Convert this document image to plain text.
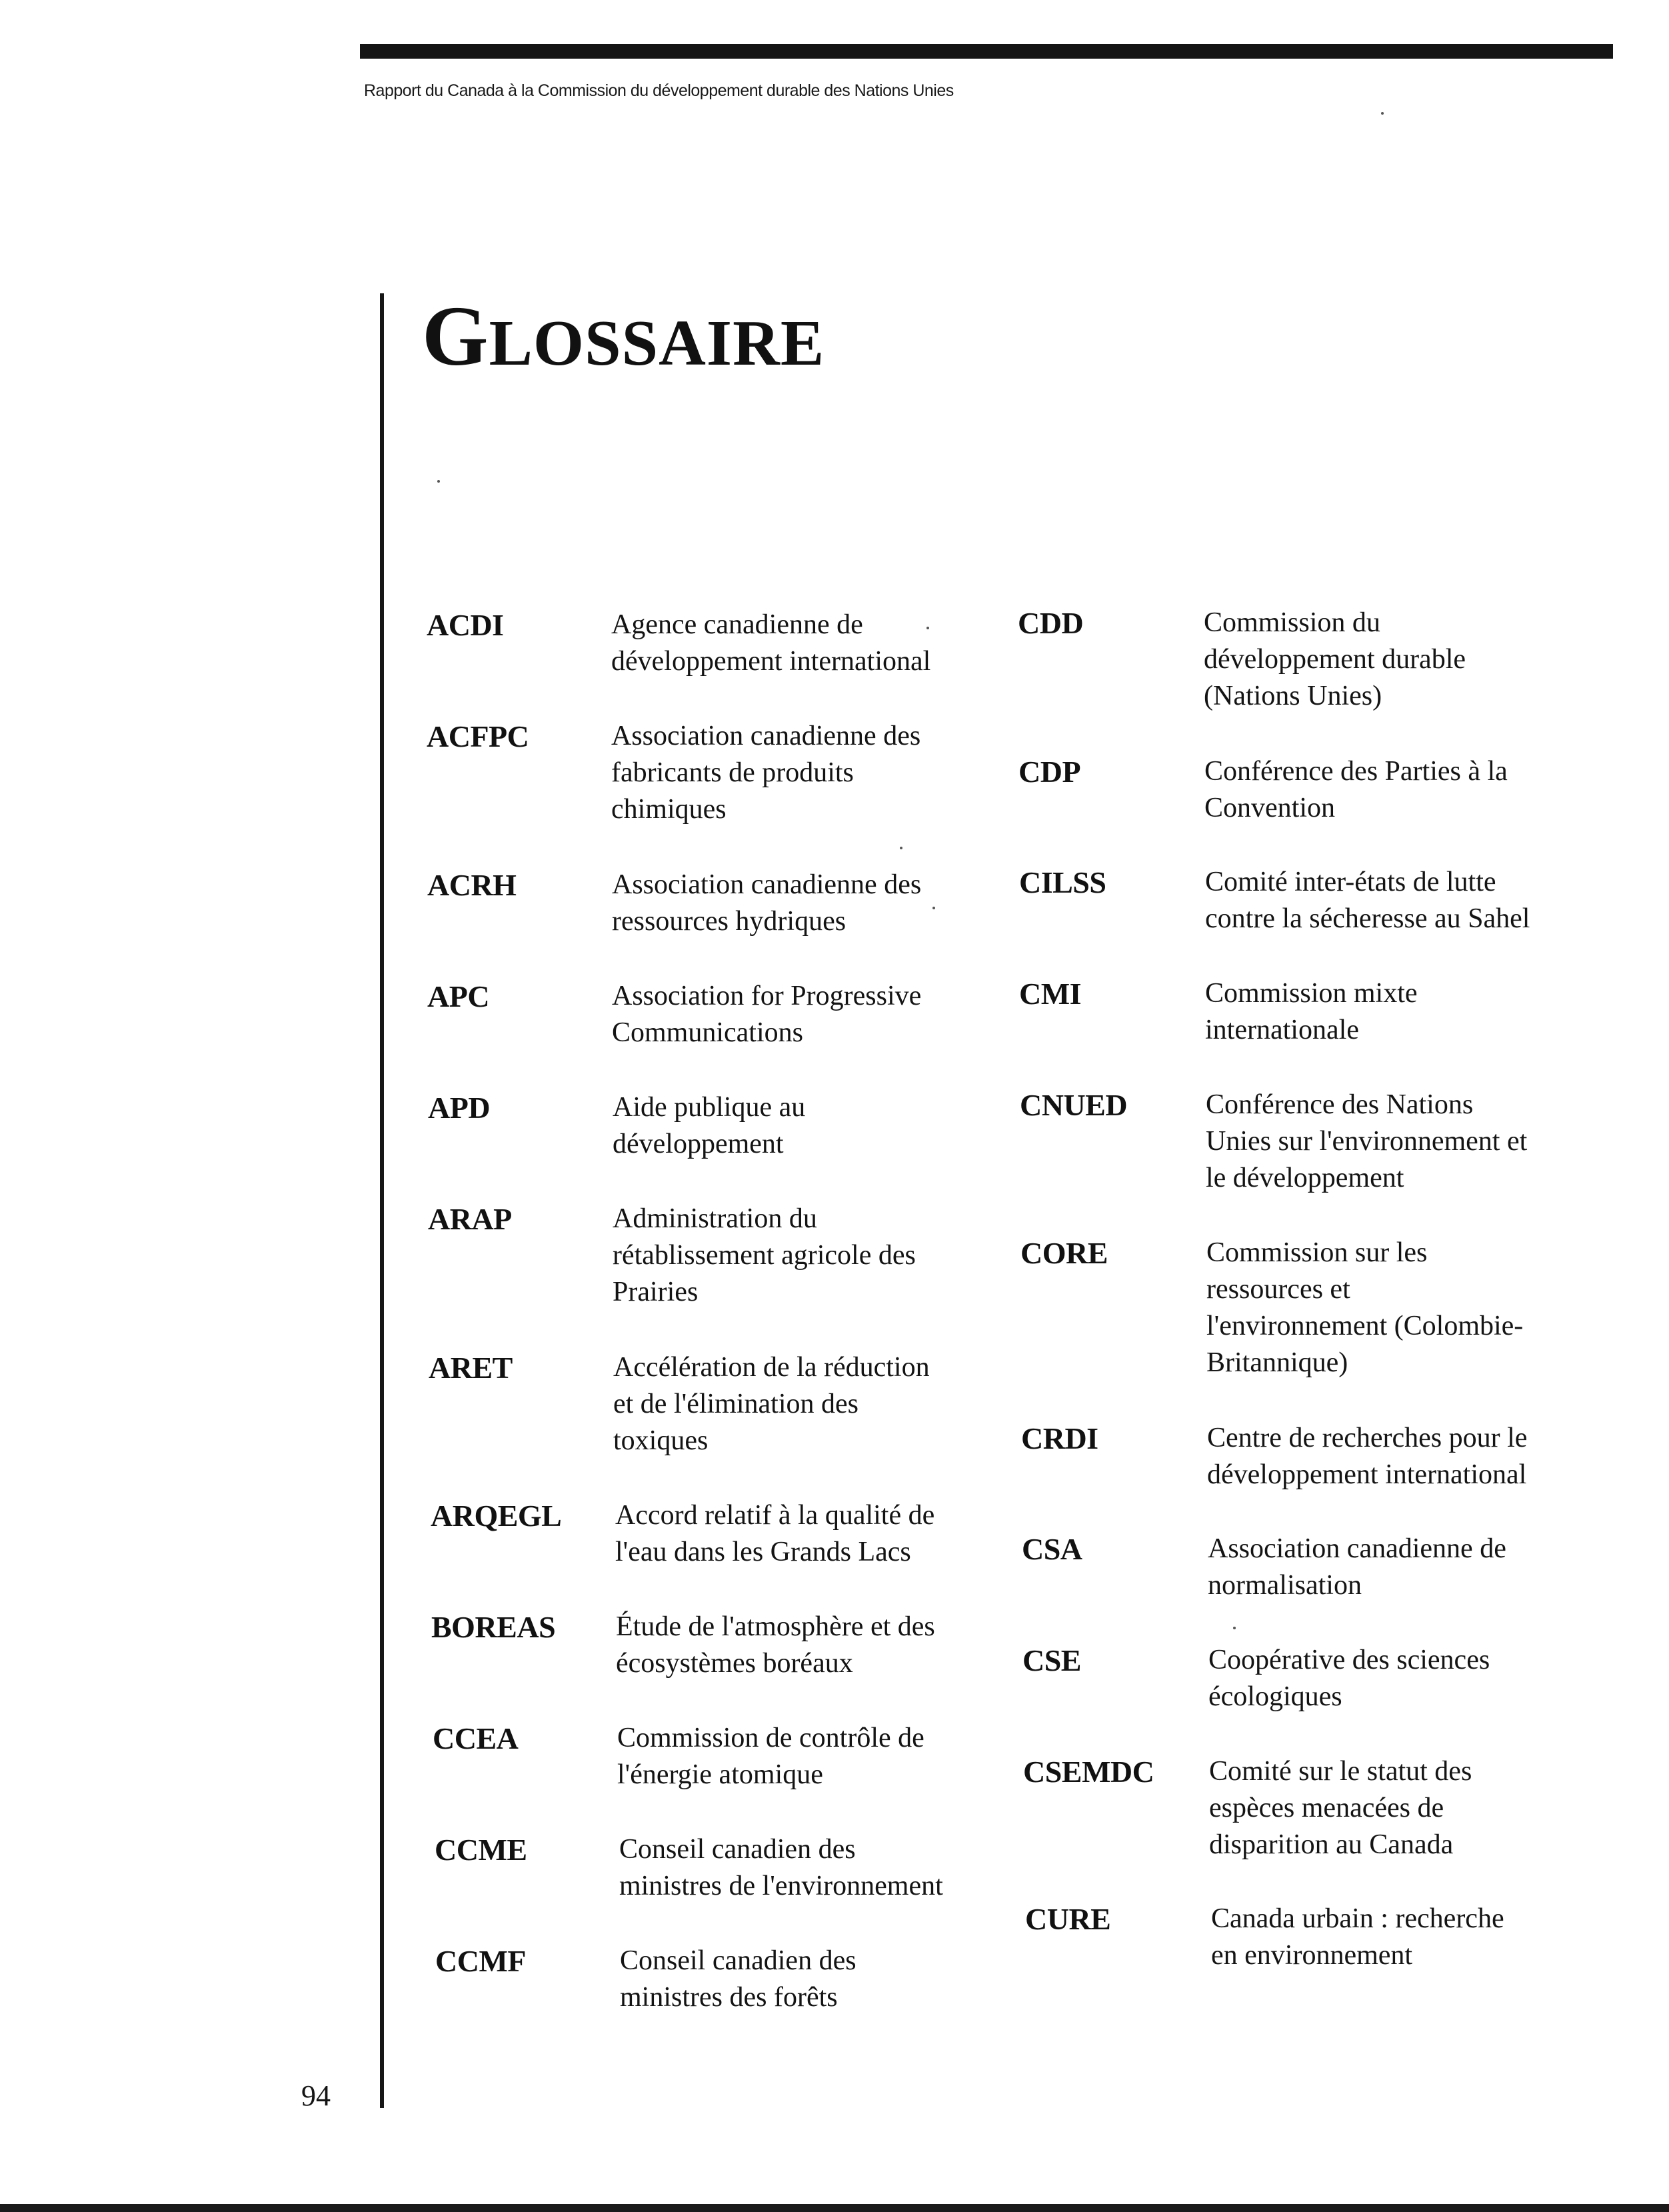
Rapport du Canada à la Commission du développement durable des Nations Unies
GLOSSAIRE
ACDI	Agence canadienne de
développement international
ACFPC	Association canadienne des
fabricants de produits
chimiques
ACRH	Association canadienne des
ressources hydriques
APC	Association for Progressive
Communications
APD	Aide publique au
développement
ARAP	Administration du
rétablissement agricole des
Prairies
ARET	Accélération de la réduction
et de l'élimination des
toxiques
ARQEGL Accord relatif à la qualité de
l'eau dans les Grands Lacs
BOREAS Étude de l'atmosphère et des
écosystèmes boréaux
CCEA	Commission de contrôle de
l'énergie atomique
CCME	Conseil canadien des
ministres de l'environnement
CCMF	Conseil canadien des
ministres des forêts
CDD	Commission du
développement durable
(Nations Unies)
CDP	Conférence des Parties à la
Convention
CILSS	Comité inter-états de lutte
contre la sécheresse au Sahel
CMI	Commission mixte
internationale
CNUED	Conférence des Nations
Unies sur l'environnement et
le développement
CORE	Commission sur les
ressources et
l'environnement (Colombie-
Britannique)
CRDI	Centre de recherches pour le
développement international
CSA	Association canadienne de
normalisation
CSE	Coopérative des sciences
écologiques
CSEMDC Comité sur le statut des
espèces menacées de
disparition au Canada
CURE	Canada urbain : recherche
en environnement
94
